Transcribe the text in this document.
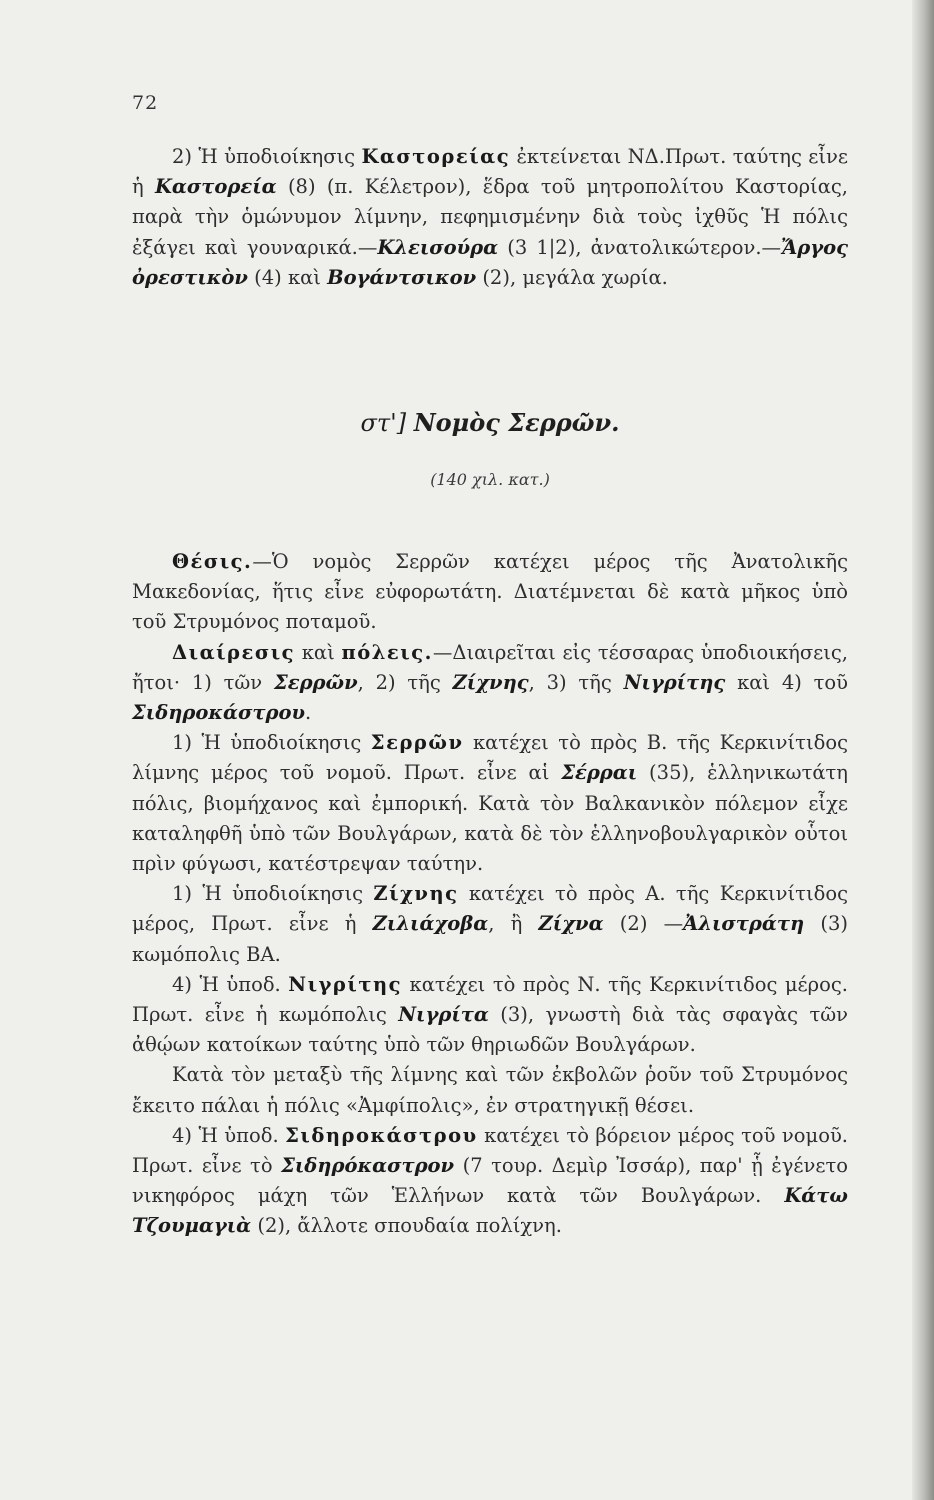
72

2) Ἡ ὑποδιοίκησις Καστορείας ἐκτείνεται ΝΔ.Πρωτ. ταύτης εἶνε ἡ Καστορεία (8) (π. Κέλετρον), ἕδρα τοῦ μητροπολίτου Καστορίας, παρὰ τὴν ὁμώνυμον λίμνην, πεφημισμένην διὰ τοὺς ἰχθῦς Ἡ πόλις ἐξάγει καὶ γουναρικά.—Κλεισούρα (3 1|2), ἀνατολικώτερον.—Ἄργος ὀρεστικὸν (4) καὶ Βογάντσικον (2), μεγάλα χωρία.

στ'] Νομὸς Σερρῶν.
(140 χιλ. κατ.)

Θέσις.—Ὁ νομὸς Σερρῶν κατέχει μέρος τῆς Ἀνατολικῆς Μακεδονίας, ἥτις εἶνε εὐφορωτάτη. Διατέμνεται δὲ κατὰ μῆκος ὑπὸ τοῦ Στρυμόνος ποταμοῦ.

Διαίρεσις καὶ πόλεις.—Διαιρεῖται εἰς τέσσαρας ὑποδιοικήσεις, ἤτοι· 1) τῶν Σερρῶν, 2) τῆς Ζίχνης, 3) τῆς Νιγρίτης καὶ 4) τοῦ Σιδηροκάστρου.

1) Ἡ ὑποδιοίκησις Σερρῶν κατέχει τὸ πρὸς Β. τῆς Κερκινίτιδος λίμνης μέρος τοῦ νομοῦ. Πρωτ. εἶνε αἱ Σέρραι (35), ἑλληνικωτάτη πόλις, βιομήχανος καὶ ἐμπορική. Κατὰ τὸν Βαλκανικὸν πόλεμον εἶχε καταληφθῆ ὑπὸ τῶν Βουλγάρων, κατὰ δὲ τὸν ἑλληνοβουλγαρικὸν οὗτοι πρὶν φύγωσι, κατέστρεψαν ταύτην.

1) Ἡ ὑποδιοίκησις Ζίχνης κατέχει τὸ πρὸς Α. τῆς Κερκινίτιδος μέρος, Πρωτ. εἶνε ἡ Ζιλιάχοβα, ἢ Ζίχνα (2) —Ἀλιστράτη (3) κωμόπολις ΒΑ.

4) Ἡ ὑποδ. Νιγρίτης κατέχει τὸ πρὸς Ν. τῆς Κερκινίτιδος μέρος. Πρωτ. εἶνε ἡ κωμόπολις Νιγρίτα (3), γνωστὴ διὰ τὰς σφαγὰς τῶν ἀθῴων κατοίκων ταύτης ὑπὸ τῶν θηριωδῶν Βουλγάρων.

Κατὰ τὸν μεταξὺ τῆς λίμνης καὶ τῶν ἐκβολῶν ῥοῦν τοῦ Στρυμόνος ἔκειτο πάλαι ἡ πόλις «Ἀμφίπολις», ἐν στρατηγικῇ θέσει.

4) Ἡ ὑποδ. Σιδηροκάστρου κατέχει τὸ βόρειον μέρος τοῦ νομοῦ. Πρωτ. εἶνε τὸ Σιδηρόκαστρον (7 τουρ. Δεμὶρ Ἰσσάρ), παρ' ᾗ ἐγένετο νικηφόρος μάχη τῶν Ἑλλήνων κατὰ τῶν Βουλγάρων. Κάτω Τζουμαγιὰ (2), ἄλλοτε σπουδαία πολίχνη.
